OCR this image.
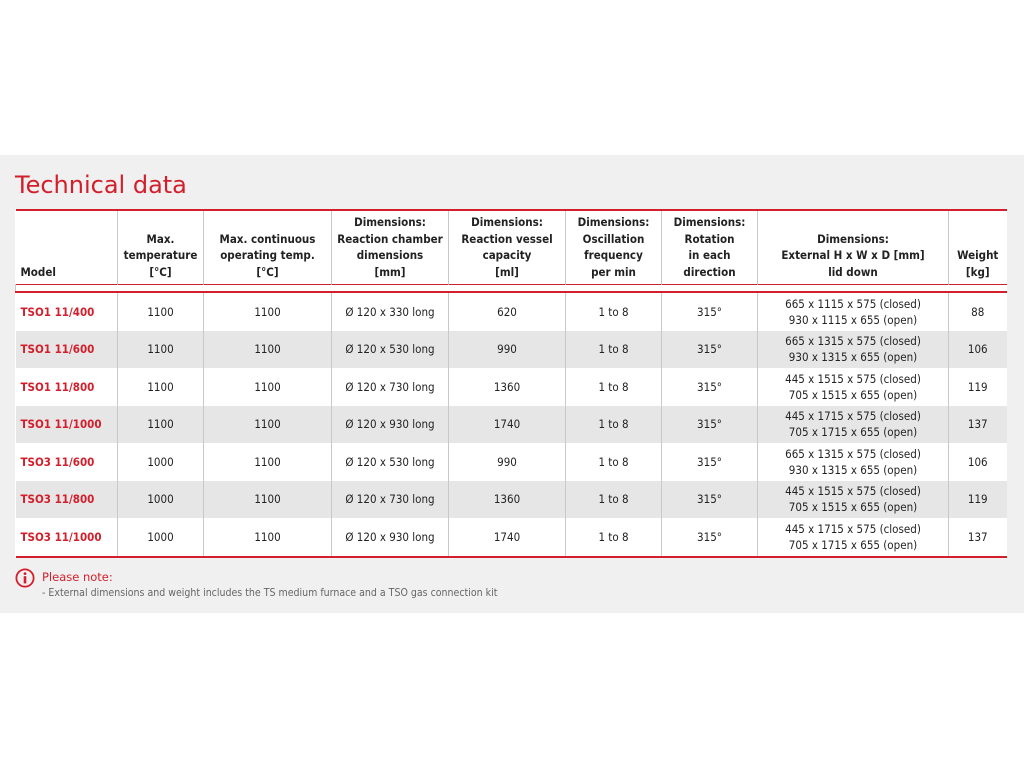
Technical data
Model	Max.
temperature
[°C]	Max. continuous
operating temp.
[°C]	Dimensions:
Reaction chamber
dimensions
[mm]	Dimensions:
Reaction vessel
capacity
[ml]	Dimensions:
Oscillation
frequency
per min	Dimensions:
Rotation
in each
direction	Dimensions:
External H x W x D [mm]
lid down	Weight
[kg]

TSO1 11/400	1100	1100	Ø 120 x 330 long	620	1 to 8	315°	665 x 1115 x 575 (closed)
930 x 1115 x 655 (open)	88
TSO1 11/600	1100	1100	Ø 120 x 530 long	990	1 to 8	315°	665 x 1315 x 575 (closed)
930 x 1315 x 655 (open)	106
TSO1 11/800	1100	1100	Ø 120 x 730 long	1360	1 to 8	315°	445 x 1515 x 575 (closed)
705 x 1515 x 655 (open)	119
TSO1 11/1000	1100	1100	Ø 120 x 930 long	1740	1 to 8	315°	445 x 1715 x 575 (closed)
705 x 1715 x 655 (open)	137
TSO3 11/600	1000	1100	Ø 120 x 530 long	990	1 to 8	315°	665 x 1315 x 575 (closed)
930 x 1315 x 655 (open)	106
TSO3 11/800	1000	1100	Ø 120 x 730 long	1360	1 to 8	315°	445 x 1515 x 575 (closed)
705 x 1515 x 655 (open)	119
TSO3 11/1000	1000	1100	Ø 120 x 930 long	1740	1 to 8	315°	445 x 1715 x 575 (closed)
705 x 1715 x 655 (open)	137
Please note:
- External dimensions and weight includes the TS medium furnace and a TSO gas connection kit
